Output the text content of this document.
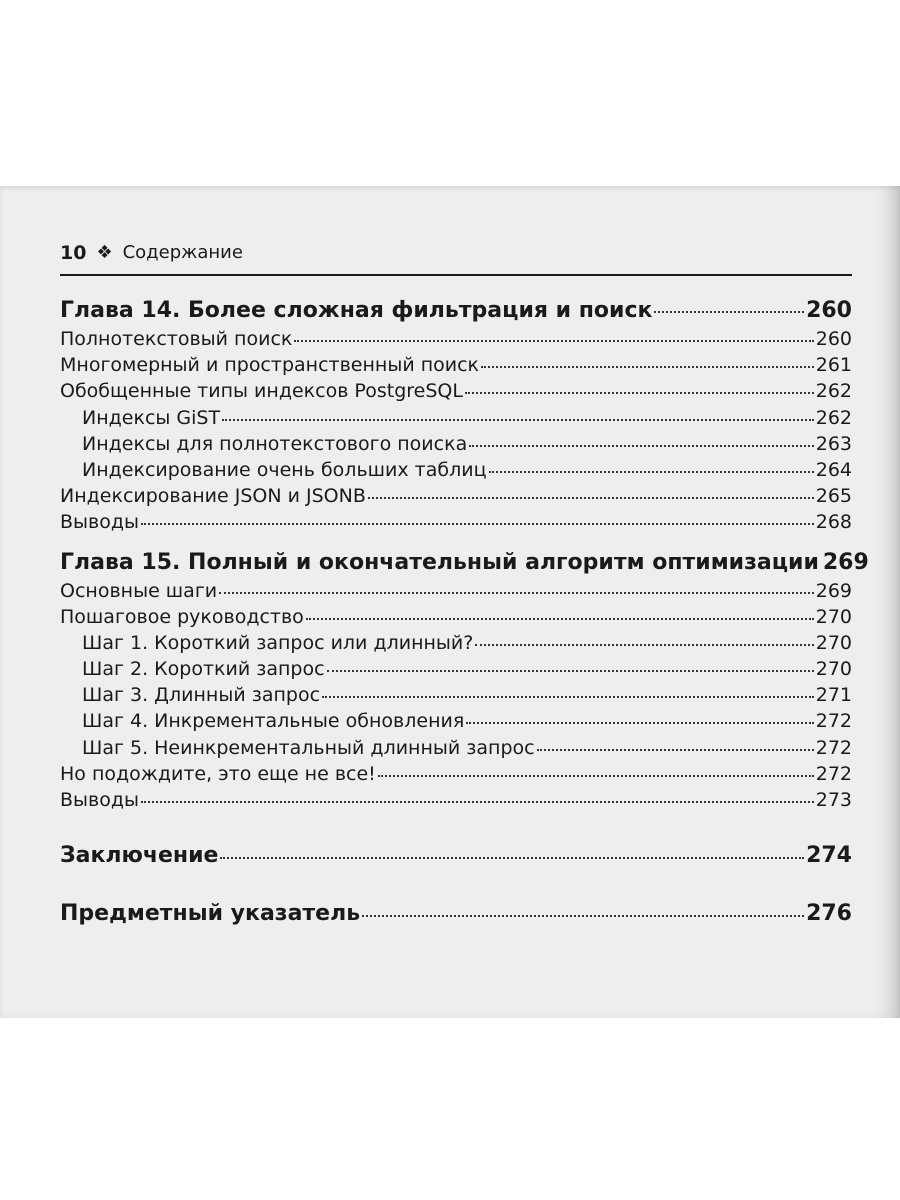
10 ❖ Содержание
Глава 14. Более сложная фильтрация и поиск	260
Полнотекстовый поиск	260
Многомерный и пространственный поиск	261
Обобщенные типы индексов PostgreSQL	262
Индексы GiST	262
Индексы для полнотекстового поиска	263
Индексирование очень больших таблиц	264
Индексирование JSON и JSONB	265
Выводы	268
Глава 15. Полный и окончательный алгоритм оптимизации 269
Основные шаги	269
Пошаговое руководство	270
Шаг 1. Короткий запрос или длинный?	270
Шаг 2. Короткий запрос	270
Шаг 3. Длинный запрос	271
Шаг 4. Инкрементальные обновления	272
Шаг 5. Неинкрементальный длинный запрос	272
Но подождите, это еще не все!	272
Выводы	273
Заключение	274
Предметный указатель	276
